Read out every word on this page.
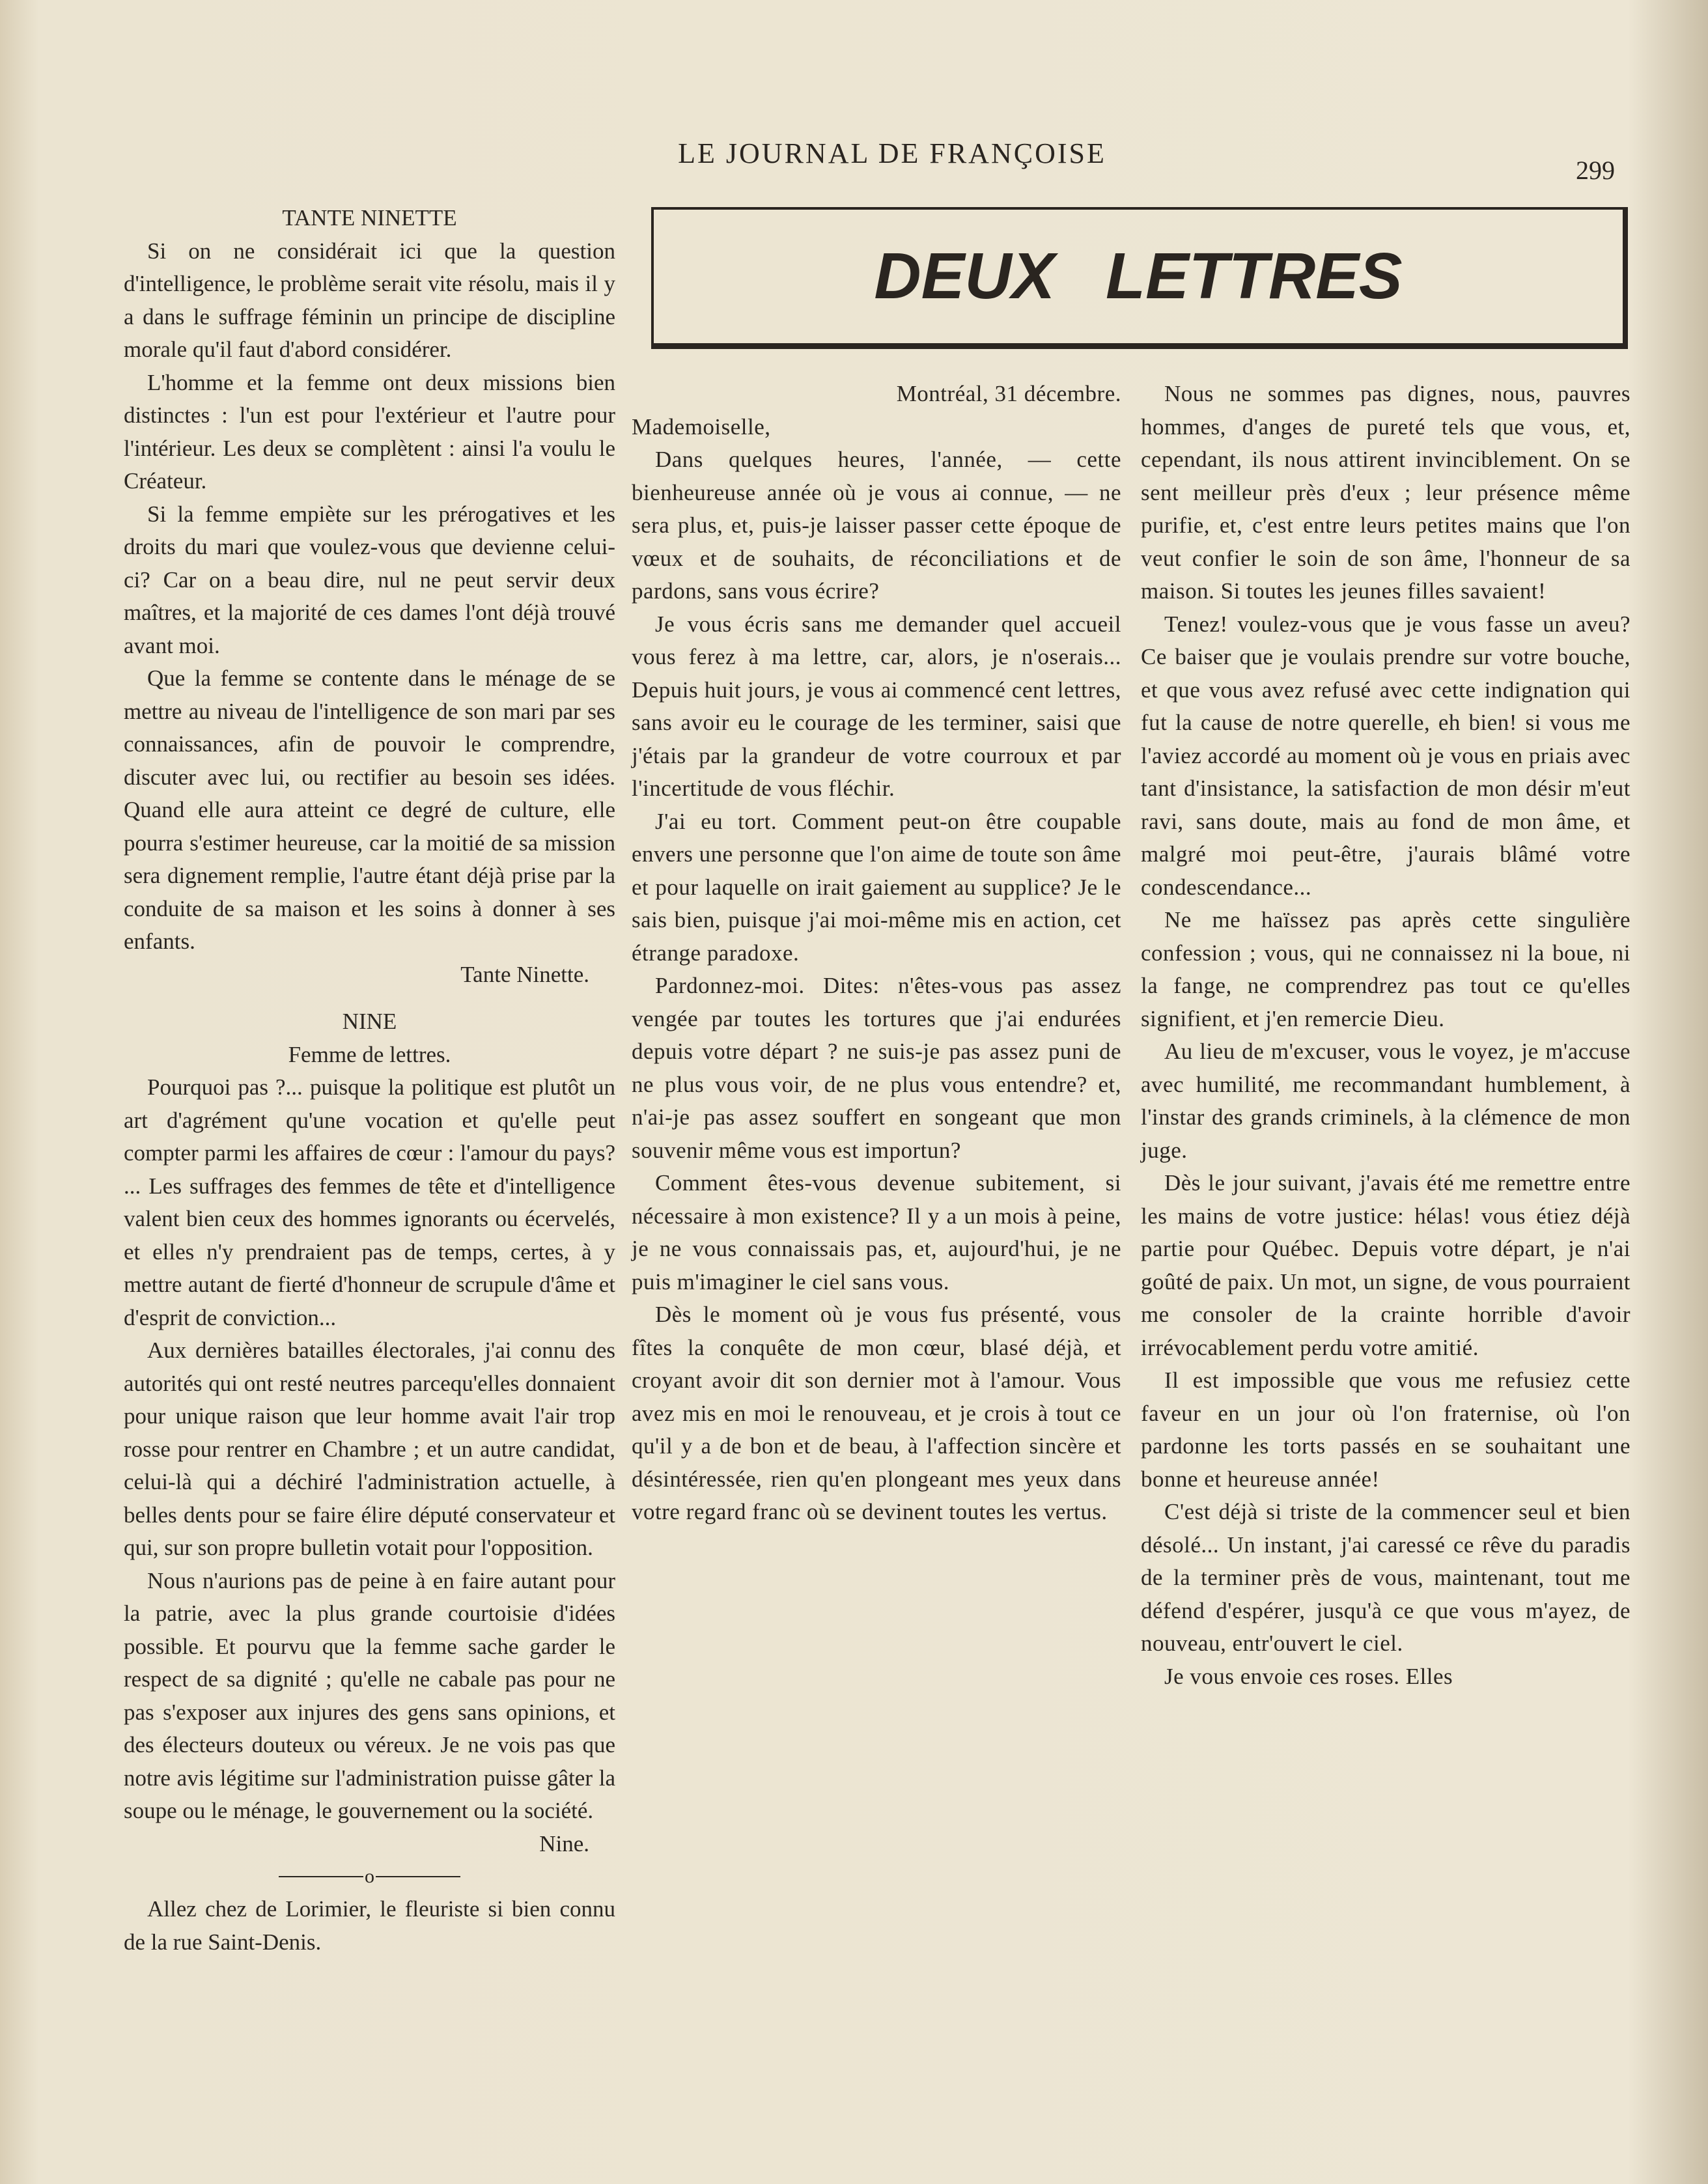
LE JOURNAL DE FRANÇOISE
299

TANTE NINETTE

Si on ne considérait ici que la question d'intelligence, le problème serait vite résolu, mais il y a dans le suffrage féminin un principe de discipline morale qu'il faut d'abord considérer.

L'homme et la femme ont deux missions bien distinctes : l'un est pour l'extérieur et l'autre pour l'intérieur. Les deux se complètent : ainsi l'a voulu le Créateur.

Si la femme empiète sur les prérogatives et les droits du mari que voulez-vous que devienne celui-ci? Car on a beau dire, nul ne peut servir deux maîtres, et la majorité de ces dames l'ont déjà trouvé avant moi.

Que la femme se contente dans le ménage de se mettre au niveau de l'intelligence de son mari par ses connaissances, afin de pouvoir le comprendre, discuter avec lui, ou rectifier au besoin ses idées. Quand elle aura atteint ce degré de culture, elle pourra s'estimer heureuse, car la moitié de sa mission sera dignement remplie, l'autre étant déjà prise par la conduite de sa maison et les soins à donner à ses enfants.

Tante Ninette.

NINE

Femme de lettres.

Pourquoi pas ?... puisque la politique est plutôt un art d'agrément qu'une vocation et qu'elle peut compter parmi les affaires de cœur : l'amour du pays? ... Les suffrages des femmes de tête et d'intelligence valent bien ceux des hommes ignorants ou écervelés, et elles n'y prendraient pas de temps, certes, à y mettre autant de fierté d'honneur de scrupule d'âme et d'esprit de conviction...

Aux dernières batailles électorales, j'ai connu des autorités qui ont resté neutres parcequ'elles donnaient pour unique raison que leur homme avait l'air trop rosse pour rentrer en Chambre ; et un autre candidat, celui-là qui a déchiré l'administration actuelle, à belles dents pour se faire élire député conservateur et qui, sur son propre bulletin votait pour l'opposition.

Nous n'aurions pas de peine à en faire autant pour la patrie, avec la plus grande courtoisie d'idées possible. Et pourvu que la femme sache garder le respect de sa dignité ; qu'elle ne cabale pas pour ne pas s'exposer aux injures des gens sans opinions, et des électeurs douteux ou véreux. Je ne vois pas que notre avis légitime sur l'administration puisse gâter la soupe ou le ménage, le gouvernement ou la société.

Nine.

o

Allez chez de Lorimier, le fleuriste si bien connu de la rue Saint-Denis.

DEUX LETTRES

Montréal, 31 décembre.

Mademoiselle,

Dans quelques heures, l'année, — cette bienheureuse année où je vous ai connue, — ne sera plus, et, puis-je laisser passer cette époque de vœux et de souhaits, de réconciliations et de pardons, sans vous écrire?

Je vous écris sans me demander quel accueil vous ferez à ma lettre, car, alors, je n'oserais... Depuis huit jours, je vous ai commencé cent lettres, sans avoir eu le courage de les terminer, saisi que j'étais par la grandeur de votre courroux et par l'incertitude de vous fléchir.

J'ai eu tort. Comment peut-on être coupable envers une personne que l'on aime de toute son âme et pour laquelle on irait gaiement au supplice? Je le sais bien, puisque j'ai moi-même mis en action, cet étrange paradoxe.

Pardonnez-moi. Dites: n'êtes-vous pas assez vengée par toutes les tortures que j'ai endurées depuis votre départ ? ne suis-je pas assez puni de ne plus vous voir, de ne plus vous entendre? et, n'ai-je pas assez souffert en songeant que mon souvenir même vous est importun?

Comment êtes-vous devenue subitement, si nécessaire à mon existence? Il y a un mois à peine, je ne vous connaissais pas, et, aujourd'hui, je ne puis m'imaginer le ciel sans vous.

Dès le moment où je vous fus présenté, vous fîtes la conquête de mon cœur, blasé déjà, et croyant avoir dit son dernier mot à l'amour. Vous avez mis en moi le renouveau, et je crois à tout ce qu'il y a de bon et de beau, à l'affection sincère et désintéressée, rien qu'en plongeant mes yeux dans votre regard franc où se devinent toutes les vertus.

Nous ne sommes pas dignes, nous, pauvres hommes, d'anges de pureté tels que vous, et, cependant, ils nous attirent invinciblement. On se sent meilleur près d'eux ; leur présence même purifie, et, c'est entre leurs petites mains que l'on veut confier le soin de son âme, l'honneur de sa maison. Si toutes les jeunes filles savaient!

Tenez! voulez-vous que je vous fasse un aveu? Ce baiser que je voulais prendre sur votre bouche, et que vous avez refusé avec cette indignation qui fut la cause de notre querelle, eh bien! si vous me l'aviez accordé au moment où je vous en priais avec tant d'insistance, la satisfaction de mon désir m'eut ravi, sans doute, mais au fond de mon âme, et malgré moi peut-être, j'aurais blâmé votre condescendance...

Ne me haïssez pas après cette singulière confession ; vous, qui ne connaissez ni la boue, ni la fange, ne comprendrez pas tout ce qu'elles signifient, et j'en remercie Dieu.

Au lieu de m'excuser, vous le voyez, je m'accuse avec humilité, me recommandant humblement, à l'instar des grands criminels, à la clémence de mon juge.

Dès le jour suivant, j'avais été me remettre entre les mains de votre justice: hélas! vous étiez déjà partie pour Québec. Depuis votre départ, je n'ai goûté de paix. Un mot, un signe, de vous pourraient me consoler de la crainte horrible d'avoir irrévocablement perdu votre amitié.

Il est impossible que vous me refusiez cette faveur en un jour où l'on fraternise, où l'on pardonne les torts passés en se souhaitant une bonne et heureuse année!

C'est déjà si triste de la commencer seul et bien désolé... Un instant, j'ai caressé ce rêve du paradis de la terminer près de vous, maintenant, tout me défend d'espérer, jusqu'à ce que vous m'ayez, de nouveau, entr'ouvert le ciel.

Je vous envoie ces roses. Elles
